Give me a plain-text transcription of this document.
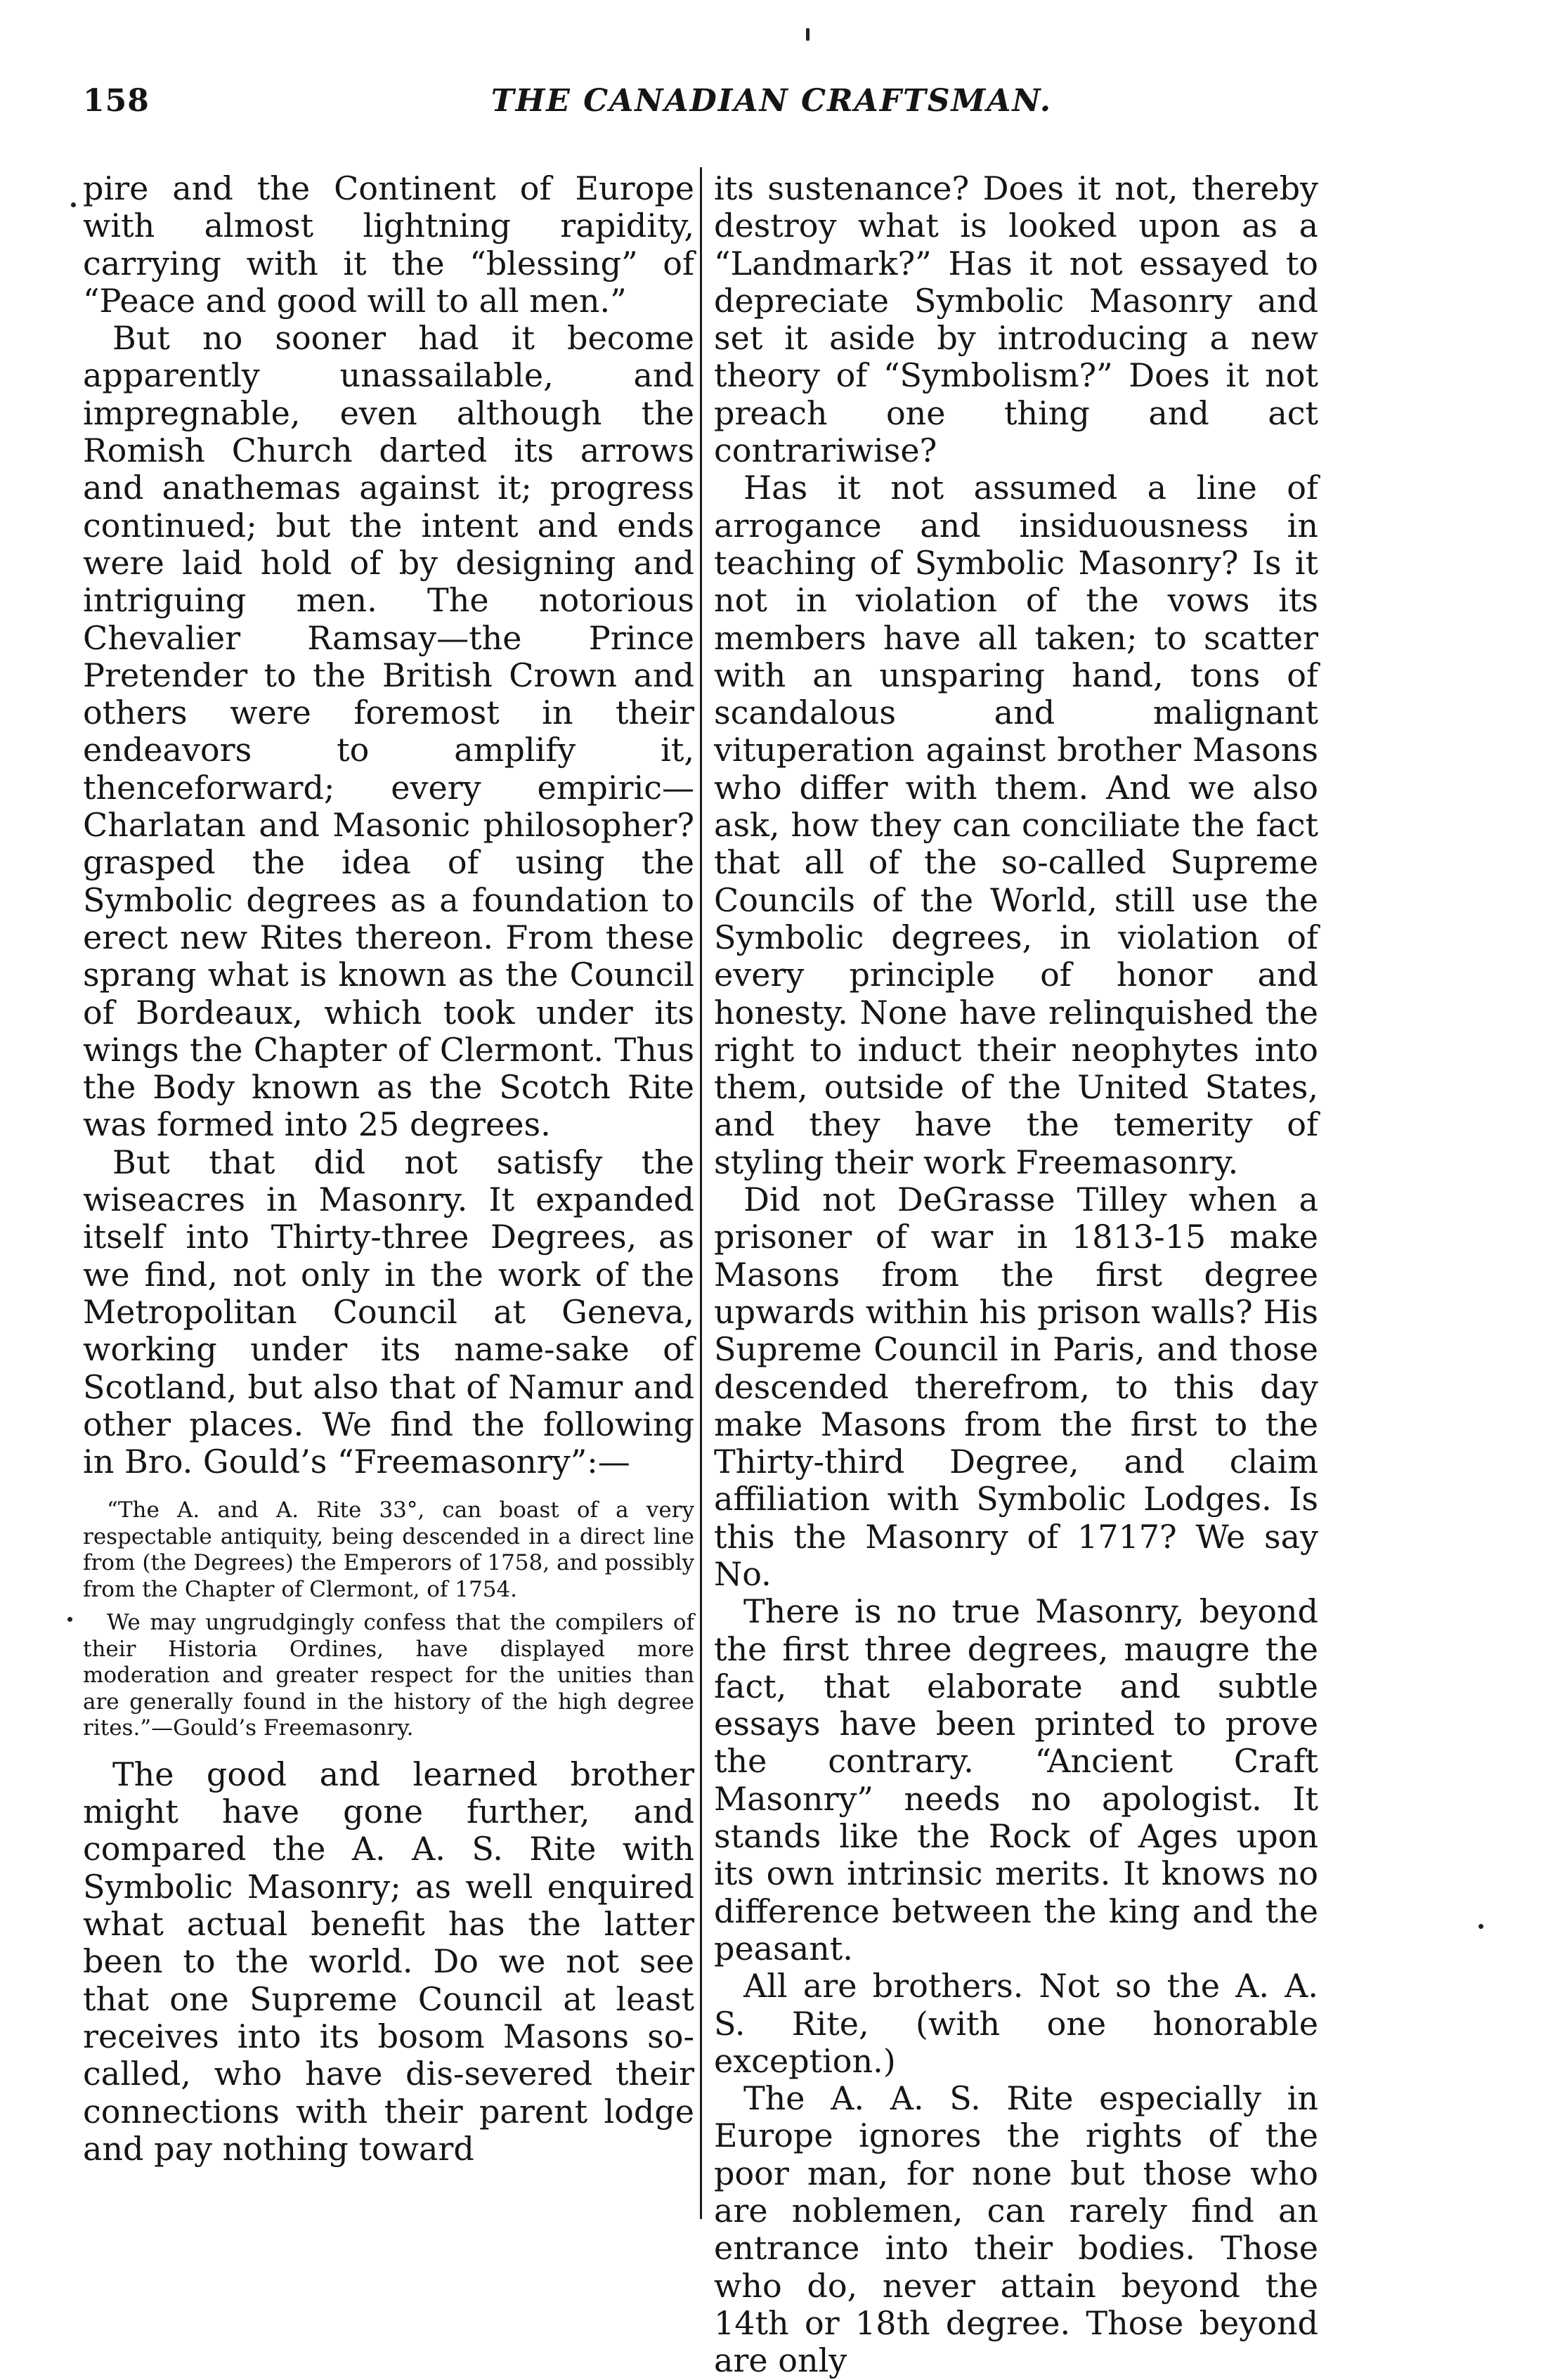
158	THE CANADIAN CRAFTSMAN.

pire and the Continent of Europe with almost lightning rapidity, carrying with it the “blessing” of “Peace and good will to all men.”

But no sooner had it become apparently unassailable, and impregnable, even although the Romish Church darted its arrows and anathemas against it; progress continued; but the intent and ends were laid hold of by designing and intriguing men. The notorious Chevalier Ramsay—the Prince Pretender to the British Crown and others were foremost in their endeavors to amplify it, thenceforward; every empiric—Charlatan and Masonic philosopher? grasped the idea of using the Symbolic degrees as a foundation to erect new Rites thereon. From these sprang what is known as the Council of Bordeaux, which took under its wings the Chapter of Clermont. Thus the Body known as the Scotch Rite was formed into 25 degrees.

But that did not satisfy the wiseacres in Masonry. It expanded itself into Thirty-three Degrees, as we find, not only in the work of the Metropolitan Council at Geneva, working under its name-sake of Scotland, but also that of Namur and other places. We find the following in Bro. Gould’s “Freemasonry”:—

“The A. and A. Rite 33°, can boast of a very respectable antiquity, being descended in a direct line from (the Degrees) the Emperors of 1758, and possibly from the Chapter of Clermont, of 1754.

We may ungrudgingly confess that the compilers of their Historia Ordines, have displayed more moderation and greater respect for the unities than are generally found in the history of the high degree rites.”—Gould’s Freemasonry.

The good and learned brother might have gone further, and compared the A. A. S. Rite with Symbolic Masonry; as well enquired what actual benefit has the latter been to the world. Do we not see that one Supreme Council at least receives into its bosom Masons so-called, who have dis-severed their connections with their parent lodge and pay nothing toward

its sustenance? Does it not, thereby destroy what is looked upon as a “Landmark?” Has it not essayed to depreciate Symbolic Masonry and set it aside by introducing a new theory of “Symbolism?” Does it not preach one thing and act contrariwise?

Has it not assumed a line of arrogance and insiduousness in teaching of Symbolic Masonry? Is it not in violation of the vows its members have all taken; to scatter with an unsparing hand, tons of scandalous and malignant vituperation against brother Masons who differ with them. And we also ask, how they can conciliate the fact that all of the so-called Supreme Councils of the World, still use the Symbolic degrees, in violation of every principle of honor and honesty. None have relinquished the right to induct their neophytes into them, outside of the United States, and they have the temerity of styling their work Freemasonry.

Did not DeGrasse Tilley when a prisoner of war in 1813-15 make Masons from the first degree upwards within his prison walls? His Supreme Council in Paris, and those descended therefrom, to this day make Masons from the first to the Thirty-third Degree, and claim affiliation with Symbolic Lodges. Is this the Masonry of 1717? We say No.

There is no true Masonry, beyond the first three degrees, maugre the fact, that elaborate and subtle essays have been printed to prove the contrary. “Ancient Craft Masonry” needs no apologist. It stands like the Rock of Ages upon its own intrinsic merits. It knows no difference between the king and the peasant.

All are brothers. Not so the A. A. S. Rite, (with one honorable exception.)

The A. A. S. Rite especially in Europe ignores the rights of the poor man, for none but those who are noblemen, can rarely find an entrance into their bodies. Those who do, never attain beyond the 14th or 18th degree. Those beyond are only
